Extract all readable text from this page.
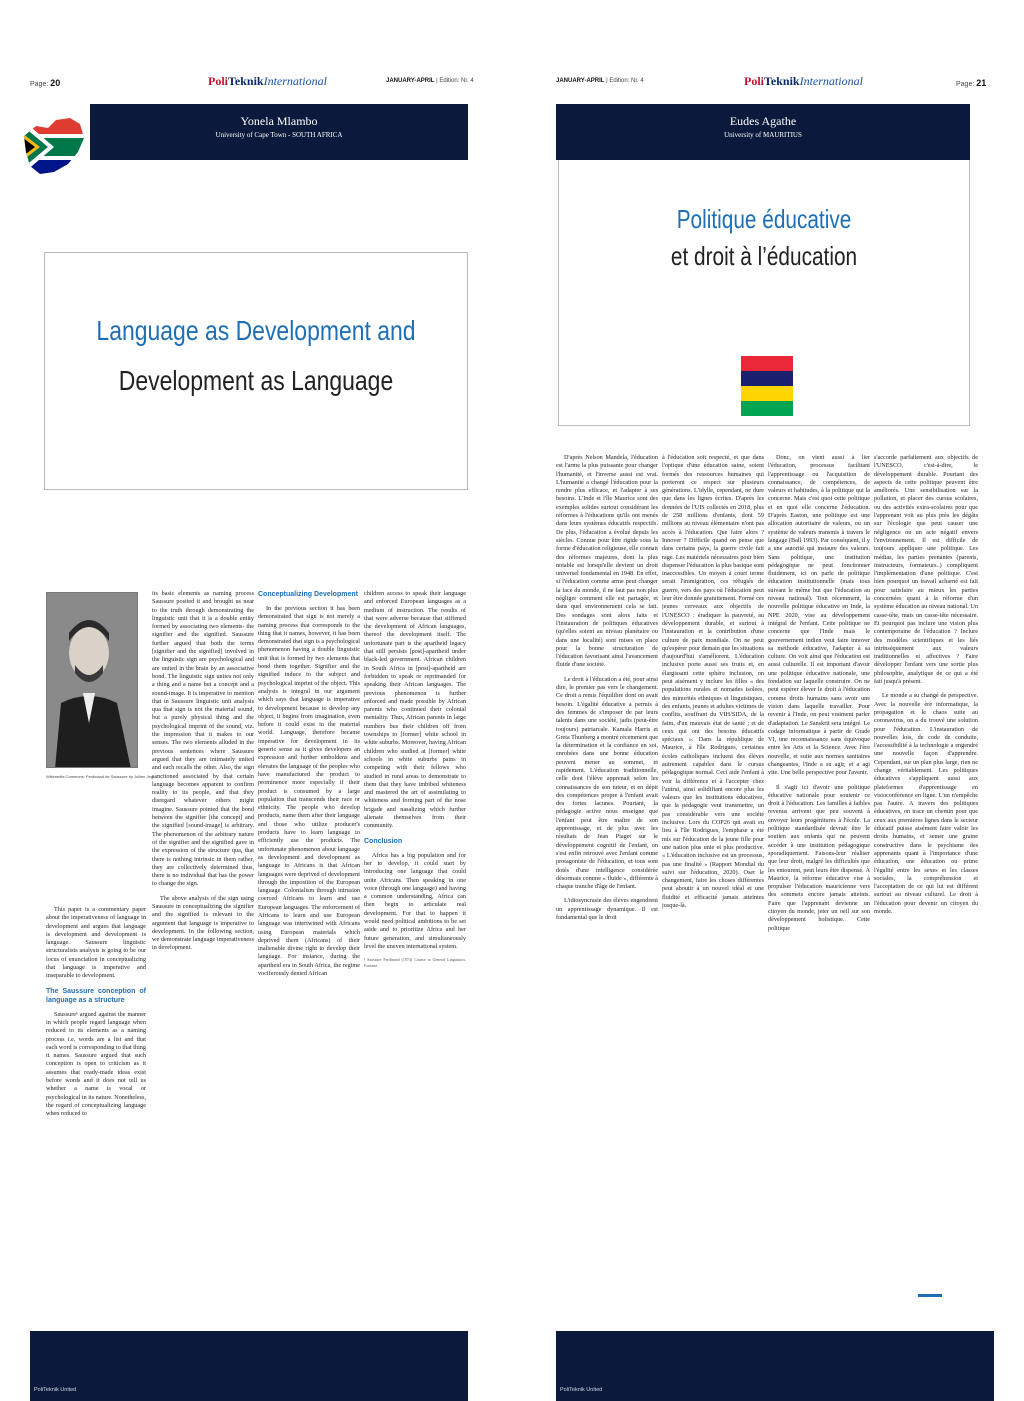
Page: 20	PoliTeknikInternational	JANUARY-APRIL | Edition: Nr. 4
Yonela Mlambo
University of Cape Town - SOUTH AFRICA
Language as Development and
Development as Language
Wikimedia Commons: Ferdinand de Saussure by Jullien Jeg

This paper is a commentary paper about the imperativeness of language in development and argues that language is development and development is language. Saussure linguistic structuralists analysis is going to be our locus of enunciation in conceptualizing that language is imperative and inseparable to development.

The Saussure conception of language as a structure

Saussure¹ argued against the manner in which people regard language when reduced to its elements as a naming process i.e. words are a list and that each word is corresponding to that thing it names. Saussure argued that such conception is open to criticism as it assumes that ready-made ideas exist before words and it does not tell us whether a name is vocal or psychological in its nature. Nonetheless, the regard of conceptualizing language when reduced to

its basic elements as naming process Saussure posited it and brought us near to the truth through demonstrating the linguistic unit that it is a double entity formed by associating two elements- the signifier and the signified. Saussure further argued that both the terms [signifier and the signified] involved in the linguistic sign are psychological and are united in the brain by an associative bond. The linguistic sign unites not only a thing and a name but a concept and a sound-image. It is imperative to mention that in Saussure linguistic unit analysis qua that sign is not the material sound, but a purely physical thing and the psychological imprint of the sound, viz. the impression that it makes to our senses. The two elements alluded in the previous sentences where Saussure argued that they are intimately united and each recalls the other. Also, the sign sanctioned associated by that certain language becomes apparent to confirm reality to its people, and that they disregard whatever others might imagine. Saussure pointed that the bond between the signifier [the concept] and the signified [sound-image] is arbitrary. The phenomenon of the arbitrary nature of the signifier and the signified gave in the expression of the structure qua, that there is nothing intrinsic in them rather, they are collectively determined thus, there is no individual that has the power to change the sign.

The above analysis of the sign using Saussure in conceptualizing the signifier and the signified is relevant to the argument that language is imperative to development. In the following section, we demonstrate language imperativeness in development.

Conceptualizing Development

In the previous section it has been demonstrated that sign is not merely a naming process that corresponds to the thing that it names, however, it has been demonstrated that sign is a psychological phenomenon having a double linguistic unit that is formed by two elements that bond them together. Signifier and the signified induce to the subject and psychological imprint of the object. This analysis is integral in our argument which says that language is imperative to development because to develop any object, it begins from imagination, even before it could exist in the material world. Language, therefore became imperative for development in its generic sense as it gives developers an expression and further emboldens and elevates the language of the peoples who have manufactured the product to prominence more especially if their product is consumed by a large population that transcends their race or ethnicity. The people who develop products, name them after their language and those who utilize producer's products have to learn language to efficiently use the products. The unfortunate phenomenon about language as development and development as language to Africans is that African languages were deprived of development through the imposition of the European language. Colonialism through intrusion coerced Africans to learn and use European languages. The enforcement of Africans to learn and use European language was intertwined with Africans using European materials which deprived them (Africans) of their inalienable divine right to develop their language. For instance, during the apartheid era in South Africa, the regime vociferously denied African

children access to speak their language and enforced European languages as a medium of instruction. The results of that were adverse because that stiffened the development of African languages, thereof the development itself. The unfortunate part is the apartheid legacy that still persists [post]-apartheid under black-led government. African children in South Africa in [post]-apartheid are forbidden to speak or reprimanded for speaking their African languages. The previous phenomenon is further enforced and made possible by African parents who continued their colonial mentality. Thus, African parents in large numbers bus their children off from townships to [former] white school in white suburbs. Moreover, having African children who studied at [former] white schools in white suburbs pains in competing with their fellows who studied in rural areas to demonstrate to them that they have imbibed whiteness and mastered the art of assimilating to whiteness and forming part of the nose brigade and nasalizing which further alienate themselves from their community.

Conclusion

Africa has a big population and for her to develop, it could start by introducing one language that could unite Africans. Then speaking in one voice (through one language) and having a common understanding, Africa can then begin to articulate real development. For that to happen it would need political ambitions to be set aside and to prioritize Africa and her future generation, and simultaneously level the uneven international system.

¹ Saussure Ferdinand (1974) Course in General Linguistics. Fontana
PoliTeknik United
JANUARY-APRIL | Edition: Nr. 4	PoliTeknikInternational	Page: 21
Eudes Agathe
University of MAURITIUS
Politique éducative
et droit à l’éducation

D'après Nelson Mandela, l'éducation est l'arme la plus puissante pour changer l'humanité, et l'inverse aussi est vrai. L'humanité a changé l'éducation pour la rendre plus efficace, et l'adapter à ses besoins. L'Inde et l'île Maurice sont des exemples solides surtout considérant les réformes à l'éducations qu'ils ont menés dans leurs systèmes éducatifs respectifs. De plus, l'éducation a évolué depuis les siècles. Connue pour être rigide sous la forme d'éducation religieuse, elle connait des réformes majeures, dont la plus notable est lorsqu'elle devient un droit universel fondamental en 1948. En effet, si l'éducation comme arme peut changer la face du monde, il ne faut pas non plus négliger comment elle est partagée, et dans quel environnement cela se fait. Des sondages sont alors faits et l'instauration de politiques éducatives (qu'elles soient au niveau planétaire ou dans une localité) sont mises en place pour la bonne structuration de l'éducation favorisant ainsi l'avancement fluide d'une société.

Le droit à l'éducation a été, pour ainsi dire, le premier pas vers le changement. Ce droit a remis l'équilibre dont on avait besoin. L'égalité éducative a permis à des femmes de s'imposer de par leurs talents dans une société, jadis (peut-être toujours) patriarcale. Kamala Harris et Greta Thunberg a montré récemment que la détermination et la confiance en soi, enrobées dans une bonne éducation peuvent mener au sommet, et rapidement. L'éducation traditionnelle, celle dont l'élève apprenait selon les connaissances de son tuteur, et en dépit des compétences propre à l'enfant avait des fortes lacunes. Pourtant, la pédagogie active nous enseigne que l'enfant peut être maître de son apprentissage, et de plus avec les résultats de Jean Piaget sur le développement cognitif de l'enfant, on s'est enfin retrouvé avec l'enfant comme protagoniste de l'éducation, et tous sont dotés d'une intelligence considérée désormais comme « fluide », différente à chaque tranche d'âge de l'enfant.

L'idiosyncrasie des élèves engendrent un apprentissage dynamique. Il est fondamental que le droit

à l'éducation soit respecté, et que dans l'optique d'une éducation saine, soient formés des ressources humaines qui porteront ce respect sur plusieurs générations. L'idylle, cependant, ne dure que dans les lignes écrites. D'après les données de l'UIS collectés en 2018, plus de 258 millions d'enfants, dont 59 millions au niveau élémentaire n'ont pas accès à l'éducation. Que faire alors ? Innover ? Difficile quand on pense que dans certains pays, la guerre civile fait rage. Les matériels nécessaires pour bien dispenser l'éducation la plus basique sont inaccessibles. Un moyen à court terme serait l'immigration, ces réfugiés de guerre, vers des pays où l'éducation peut leur être donnée gratuitement. Formé ces jeunes cerveaux aux objectifs de l'UNESCO : éradiquer la pauvreté, au développement durable, et surtout à l'instauration et la contribution d'une culture de paix mondiale. On ne peut qu'espérer pour demain que les situations d'aujourd'hui s'améliorent. L'éducation inclusive porte aussi ses fruits et, en élargissant cette sphère inclusion, on peut aisément y inclure les filles « des populations rurales et nomades isolées, des minorités ethniques et linguistiques, des enfants, jeunes et adultes victimes de conflits, souffrant du VIH/SIDA, de la faim, d'un mauvais état de santé ; et de ceux qui ont des besoins éducatifs spéciaux ». Dans la république de Maurice, à l'île Rodrigues, certaines écoles catholiques incluent des élèves autrement capables dans le cursus pédagogique normal. Ceci aide l'enfant à voir la différence et à l'accepter chez l'autrui, ainsi solidifiant encore plus les valeurs que les institutions éducatives, que la pédagogie veut transmettre, un pas considérable vers une société inclusive. Lors du COP26 qui avait eu lieu à l'île Rodrigues, l'emphase a été mis sur l'éducation de la jeune fille pour une nation plus unie et plus productive. « L'éducation inclusive est un processus, pas une finalité » (Rapport Mondial du suivi sur l'éducation, 2020). Oser le changement, faire les choses différentes peut aboutir à un nouvel idéal et une fluidité et efficacité jamais atteintes jusque-là.

Donc, on vient aussi à lier l'éducation, processus facilitant l'apprentissage ou l'acquisition de connaissance, de compétences, de valeurs et habitudes, à la politique qui la concerne. Mais c'est quoi cette politique et en quoi elle concerne l'éducation. D'après Easton, une politique est une allocation autoritaire de valeurs, ou un système de valeurs transmis à travers le langage (Ball 1993). Par conséquent, il y a une autorité qui instaure des valeurs. Sans politique, une institution pédagogique ne peut fonctionner fluidement, ici on parle de politique éducation institutionnelle (mais tous suivant le même but que l'éducation au niveau national). Tout récemment, la nouvelle politique éducative en Inde, la NPE 2020, vise au développement intégral de l'enfant. Cette politique ne concerne que l'Inde mais le gouvernement indien veut faire innover sa méthode éducative, l'adapter à sa culture. On voit ainsi que l'éducation est aussi culturelle. Il est important d'avoir une politique éducative nationale, une fondation sur laquelle construire. On ne peut espérer élever le droit à l'éducation comme droits humains sans avoir une vision dans laquelle travailler. Pour revenir à l'Inde, on peut vraiment parler d'adaptation. Le Sanskrit sera intégré. Le codage informatique à partir de Grade VI, une reconnaissance sans équivoque entre les Arts et la Science. Avec l'ère nouvelle, et suite aux normes sanitaires changeantes, l'Inde a su agir, et a agi vite. Une belle perspective pour l'avenir.

Il s'agit ici d'avoir une politique éducative nationale pour soutenir ce droit à l'éducation. Les familles à faibles revenus arrivent que peu souvent à envoyer leurs progénitures à l'école. La politique standardisée devrait être le soutien aux enfants qui ne peuvent accéder à une institution pédagogique sporadiquement. Faisons-leur réaliser que leur droit, malgré les difficultés que les entourent, peut leurs être dispensé. À Maurice, la réforme éducative vise à propulser l'éducation mauricienne vers des sommets encore jamais atteints. Faire que l'apprenant devienne un citoyen du monde, jeter un oeil sur son développement holistique. Cette politique

s'accorde parfaitement aux objectifs de l'UNESCO, c'est-à-dire, le développement durable. Pourtant des aspects de cette politique peuvent être améliorés. Une sensibilisation sur la pollution, et placer des cursus scolaires, ou des activités extra-scolaires pour que l'apprenant voit au plus près les dégâts sur l'écologie que peut causer une négligence ou un acte négatif envers l'environnement. Il est difficile de toujours appliquer une politique. Les médias, les parties prenantes (parents, instructeurs, formateurs..) compliquent l'implémentation d'une politique. C'est bien pourquoi un travail acharné est fait pour satisfaire au mieux les parties concernées quant à la réforme d'un système éducation au niveau national. Un casse-tête, mais un casse-tête nécessaire. Et pourquoi pas inclure une vision plus contemporaine de l'éducation ? Inclure des modèles scientifiques et les liés intrinsèquement aux valeurs traditionnelles et affectives ? Faire développer l'enfant vers une sortie plus philosophie, analytique de ce qui a été fait jusqu'à présent.

Le monde a su changé de perspective. Avec la nouvelle ère informatique, la propagation et le chaos suite au coronavirus, on a du trouvé une solution pour l'éducation. L'instauration de nouvelles lois, de code de conduite, l'accessibilité à la technologie a engendré une nouvelle façon d'apprendre. Cependant, sur un plan plus large, rien ne change véritablement. Les politiques éducatives s'appliquent aussi aux plateformes d'apprentissage en visioconférence en ligne. L'un n'empêche pas l'autre. A travers des politiques éducatives, on trace un chemin pour que ceux aux premières lignes dans le secteur éducatif puisse aisément faire valoir les droits humains, et semer une graine constructive dans le psychisme des apprenants quant à l'importance d'une éducation, une éducation ou prime l'égalité entre les sexes et les classes sociales, la compréhension et l'acceptation de ce qui lui est différent surtout au niveau culturel. Le droit à l'éducation pour devenir un citoyen du monde.

PoliTeknik United
